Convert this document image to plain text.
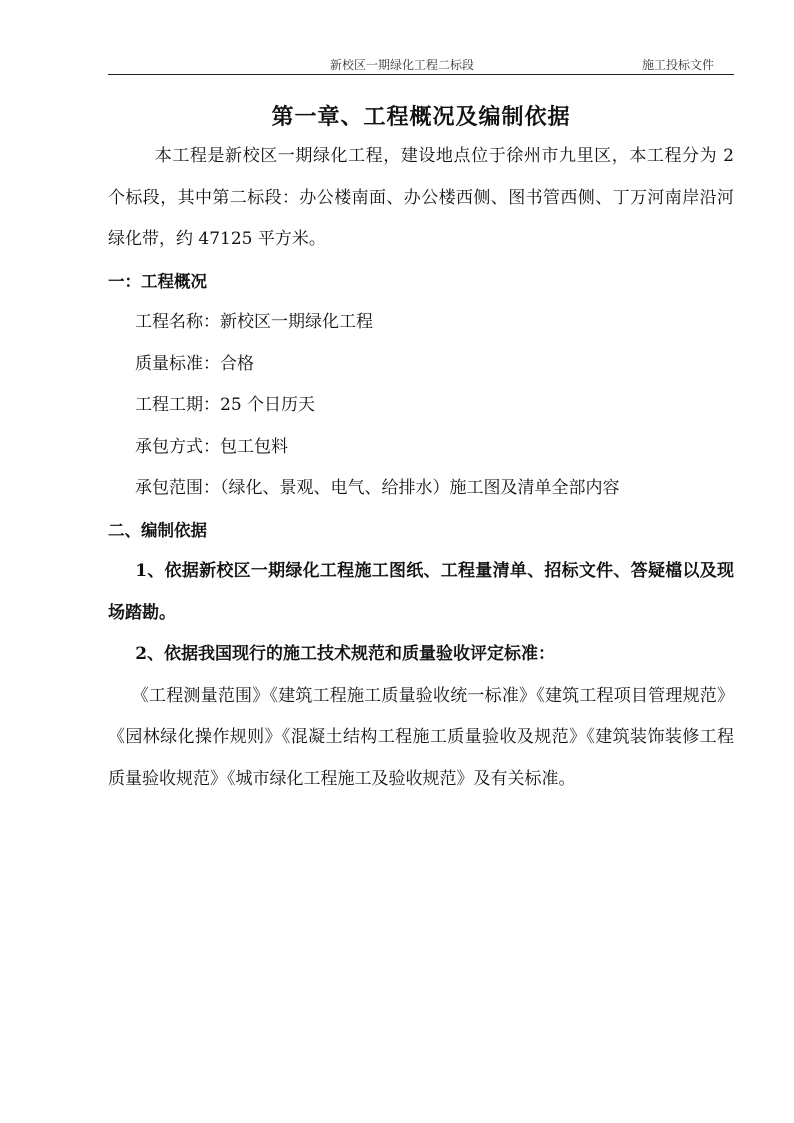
新校区一期绿化工程二标段	施工投标文件
第一章、工程概况及编制依据

本工程是新校区一期绿化工程，建设地点位于徐州市九里区，本工程分为 2 个标段，其中第二标段：办公楼南面、办公楼西侧、图书管西侧、丁万河南岸沿河绿化带，约 47125 平方米。

一：工程概况

工程名称：新校区一期绿化工程

质量标准：合格

工程工期：25 个日历天

承包方式：包工包料

承包范围：（绿化、景观、电气、给排水）施工图及清单全部内容

二、编制依据

1、依据新校区一期绿化工程施工图纸、工程量清单、招标文件、答疑檔以及现场踏勘。

2、依据我国现行的施工技术规范和质量验收评定标准：

《工程测量范围》《建筑工程施工质量验收统一标准》《建筑工程项目管理规范》《园林绿化操作规则》《混凝土结构工程施工质量验收及规范》《建筑装饰装修工程质量验收规范》《城市绿化工程施工及验收规范》及有关标准。
